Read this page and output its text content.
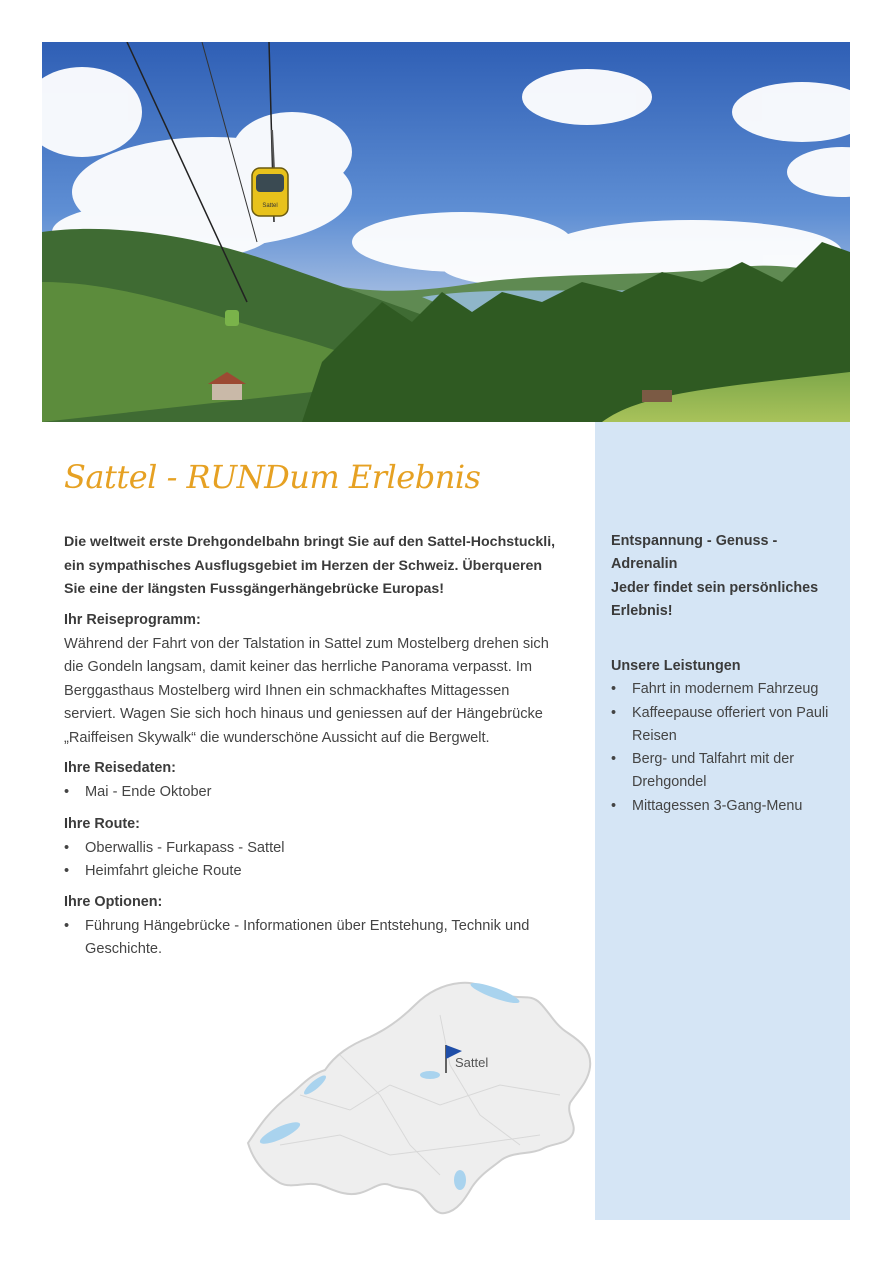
Sattel
Sattel - RUNDum Erlebnis

Die weltweit erste Drehgondelbahn bringt Sie auf den Sattel-Hochstuckli, ein sympathisches Ausflugsgebiet im Herzen der Schweiz. Überqueren Sie eine der längsten Fussgängerhängebrücke Europas!

Ihr Reiseprogramm:

Während der Fahrt von der Talstation in Sattel zum Mostelberg drehen sich die Gondeln langsam, damit keiner das herrliche Panorama verpasst. Im Berggasthaus Mostelberg wird Ihnen ein schmackhaftes Mittagessen serviert. Wagen Sie sich hoch hinaus und geniessen auf der Hängebrücke „Raiffeisen Skywalk“ die wunderschöne Aussicht auf die Bergwelt.

Ihre Reisedaten:

• Mai - Ende Oktober

Ihre Route:

• Oberwallis - Furkapass - Sattel
• Heimfahrt gleiche Route

Ihre Optionen:

• Führung Hängebrücke - Informationen über Entstehung, Technik und Geschichte.

Entspannung - Genuss - Adrenalin

Jeder findet sein persönliches Erlebnis!

Unsere Leistungen

• Fahrt in modernem Fahrzeug
• Kaffeepause offeriert von Pauli Reisen
• Berg- und Talfahrt mit der Drehgondel
• Mittagessen 3-Gang-Menu
Sattel
